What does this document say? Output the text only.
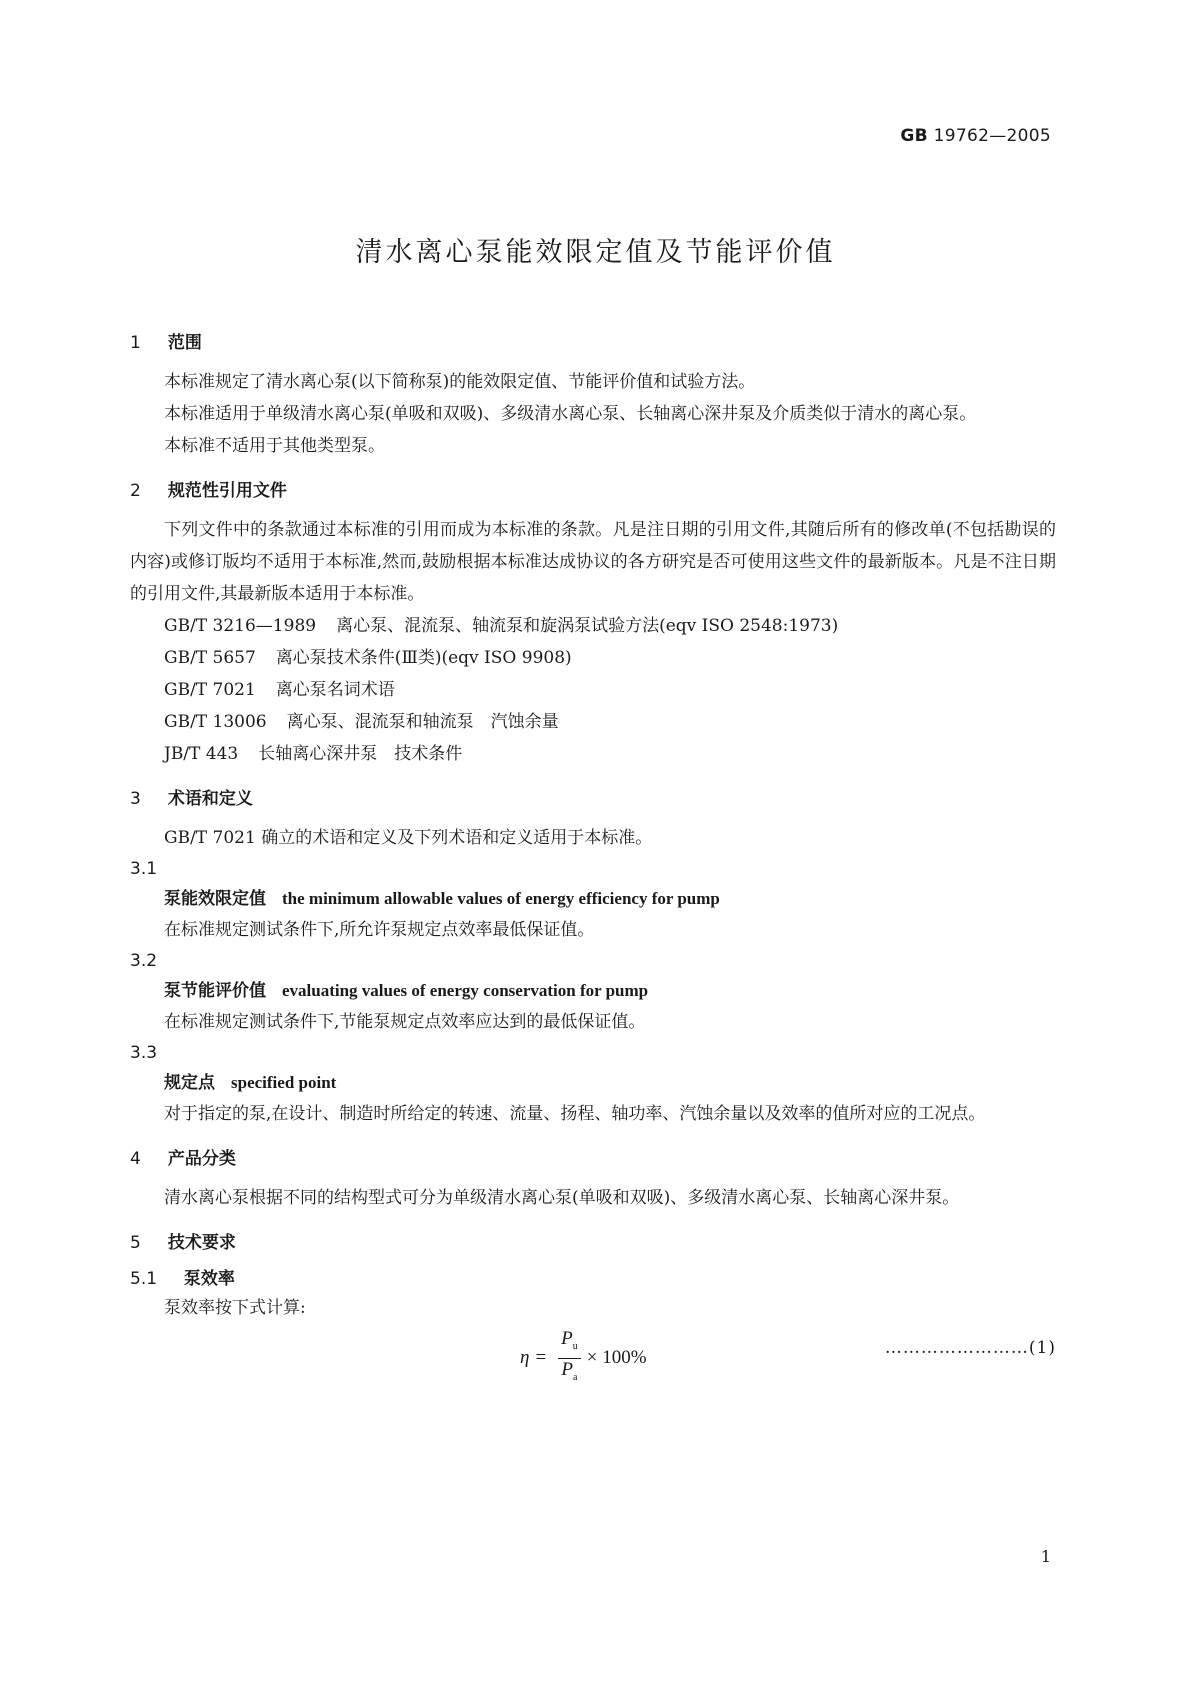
GB 19762—2005
清水离心泵能效限定值及节能评价值
1 范围

本标准规定了清水离心泵(以下简称泵)的能效限定值、节能评价值和试验方法。

本标准适用于单级清水离心泵(单吸和双吸)、多级清水离心泵、长轴离心深井泵及介质类似于清水的离心泵。

本标准不适用于其他类型泵。

2 规范性引用文件

下列文件中的条款通过本标准的引用而成为本标准的条款。凡是注日期的引用文件,其随后所有的修改单(不包括勘误的内容)或修订版均不适用于本标准,然而,鼓励根据本标准达成协议的各方研究是否可使用这些文件的最新版本。凡是不注日期的引用文件,其最新版本适用于本标准。

GB/T 3216—1989 离心泵、混流泵、轴流泵和旋涡泵试验方法(eqv ISO 2548:1973)

GB/T 5657 离心泵技术条件(Ⅲ类)(eqv ISO 9908)

GB/T 7021 离心泵名词术语

GB/T 13006 离心泵、混流泵和轴流泵　汽蚀余量

JB/T 443 长轴离心深井泵　技术条件

3 术语和定义

GB/T 7021 确立的术语和定义及下列术语和定义适用于本标准。

3.1

泵能效限定值 the minimum allowable values of energy efficiency for pump

在标准规定测试条件下,所允许泵规定点效率最低保证值。

3.2

泵节能评价值 evaluating values of energy conservation for pump

在标准规定测试条件下,节能泵规定点效率应达到的最低保证值。

3.3

规定点 specified point

对于指定的泵,在设计、制造时所给定的转速、流量、扬程、轴功率、汽蚀余量以及效率的值所对应的工况点。

4 产品分类

清水离心泵根据不同的结构型式可分为单级清水离心泵(单吸和双吸)、多级清水离心泵、长轴离心深井泵。

5 技术要求
5.1 泵效率

泵效率按下式计算:

$\eta = \frac{P_u}{P_a} \times 100\%$	……………………(1)
1
